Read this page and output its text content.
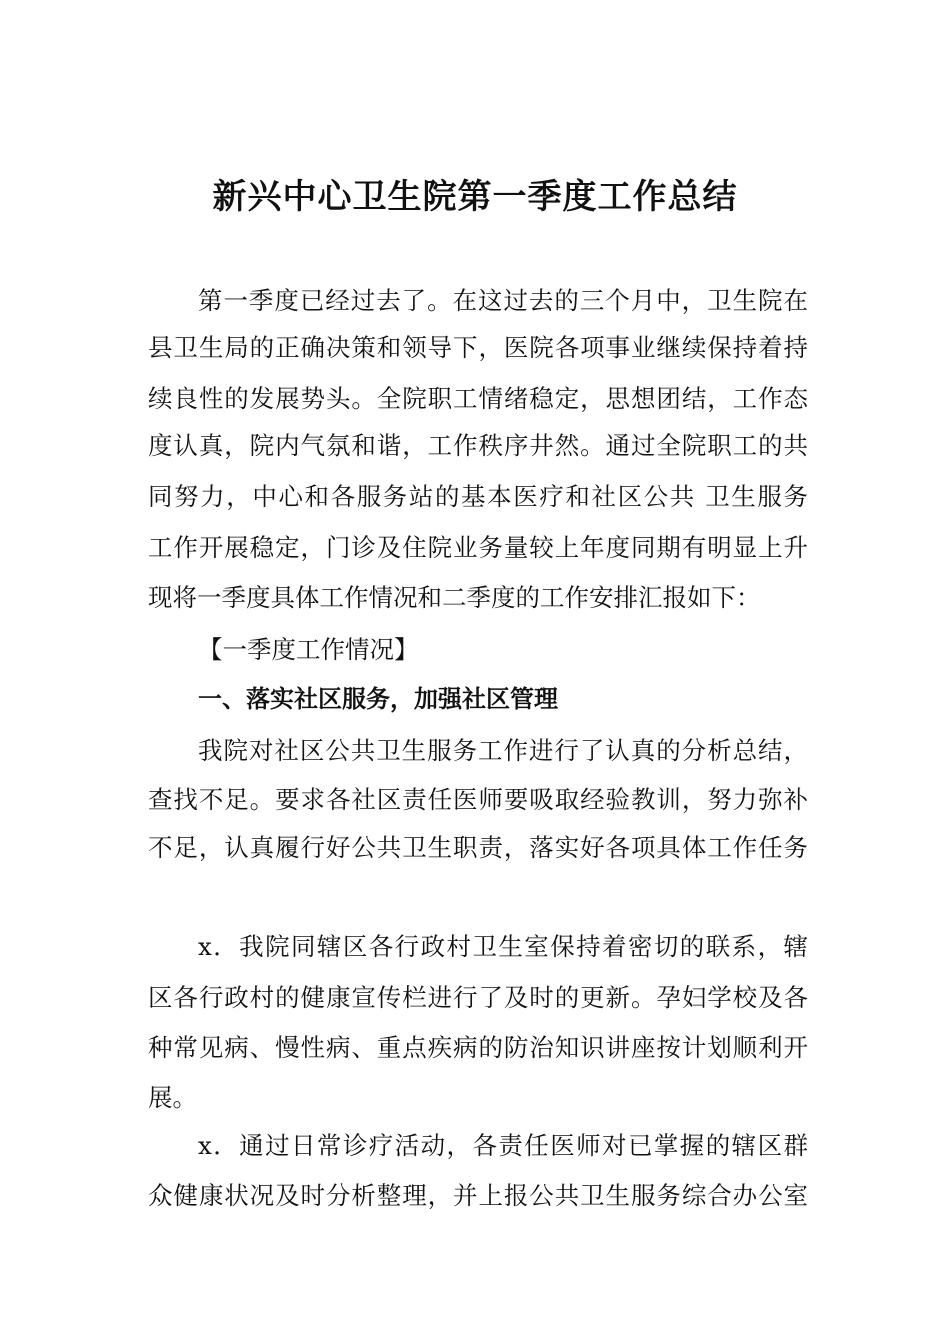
新兴中心卫生院第一季度工作总结
第一季度已经过去了。在这过去的三个月中，卫生院在
县卫生局的正确决策和领导下，医院各项事业继续保持着持
续良性的发展势头。全院职工情绪稳定，思想团结，工作态
度认真，院内气氛和谐，工作秩序井然。通过全院职工的共
同努力，中心和各服务站的基本医疗和社区公共 卫生服务
工作开展稳定，门诊及住院业务量较上年度同期有明显上升
现将一季度具体工作情况和二季度的工作安排汇报如下：
【一季度工作情况】
一、落实社区服务，加强社区管理
我院对社区公共卫生服务工作进行了认真的分析总结，
查找不足。要求各社区责任医师要吸取经验教训，努力弥补
不足，认真履行好公共卫生职责，落实好各项具体工作任务
x．我院同辖区各行政村卫生室保持着密切的联系，辖
区各行政村的健康宣传栏进行了及时的更新。孕妇学校及各
种常见病、慢性病、重点疾病的防治知识讲座按计划顺利开
展。
x．通过日常诊疗活动，各责任医师对已掌握的辖区群
众健康状况及时分析整理，并上报公共卫生服务综合办公室
